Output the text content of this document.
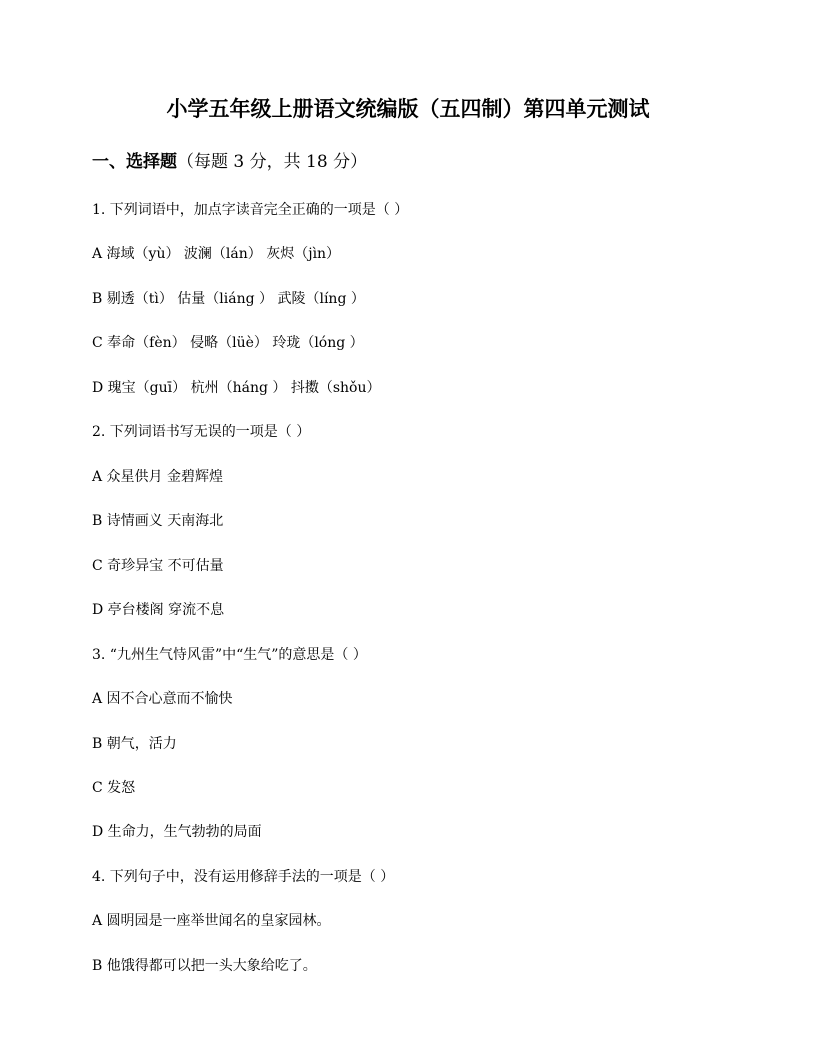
小学五年级上册语文统编版（五四制）第四单元测试
一、选择题（每题 3 分，共 18 分）
1. 下列词语中，加点字读音完全正确的一项是（ ）
A 海域（yù） 波澜（lán） 灰烬（jìn）
B 剔透（tì） 估量（liáng ） 武陵（líng ）
C 奉命（fèn） 侵略（lüè） 玲珑（lóng ）
D 瑰宝（guī） 杭州（háng ） 抖擞（shǒu）
2. 下列词语书写无误的一项是（ ）
A 众星供月 金碧辉煌
B 诗情画义 天南海北
C 奇珍异宝 不可估量
D 亭台楼阁 穿流不息
3. “九州生气恃风雷”中“生气”的意思是（ ）
A 因不合心意而不愉快
B 朝气，活力
C 发怒
D 生命力，生气勃勃的局面
4. 下列句子中，没有运用修辞手法的一项是（ ）
A 圆明园是一座举世闻名的皇家园林。
B 他饿得都可以把一头大象给吃了。
